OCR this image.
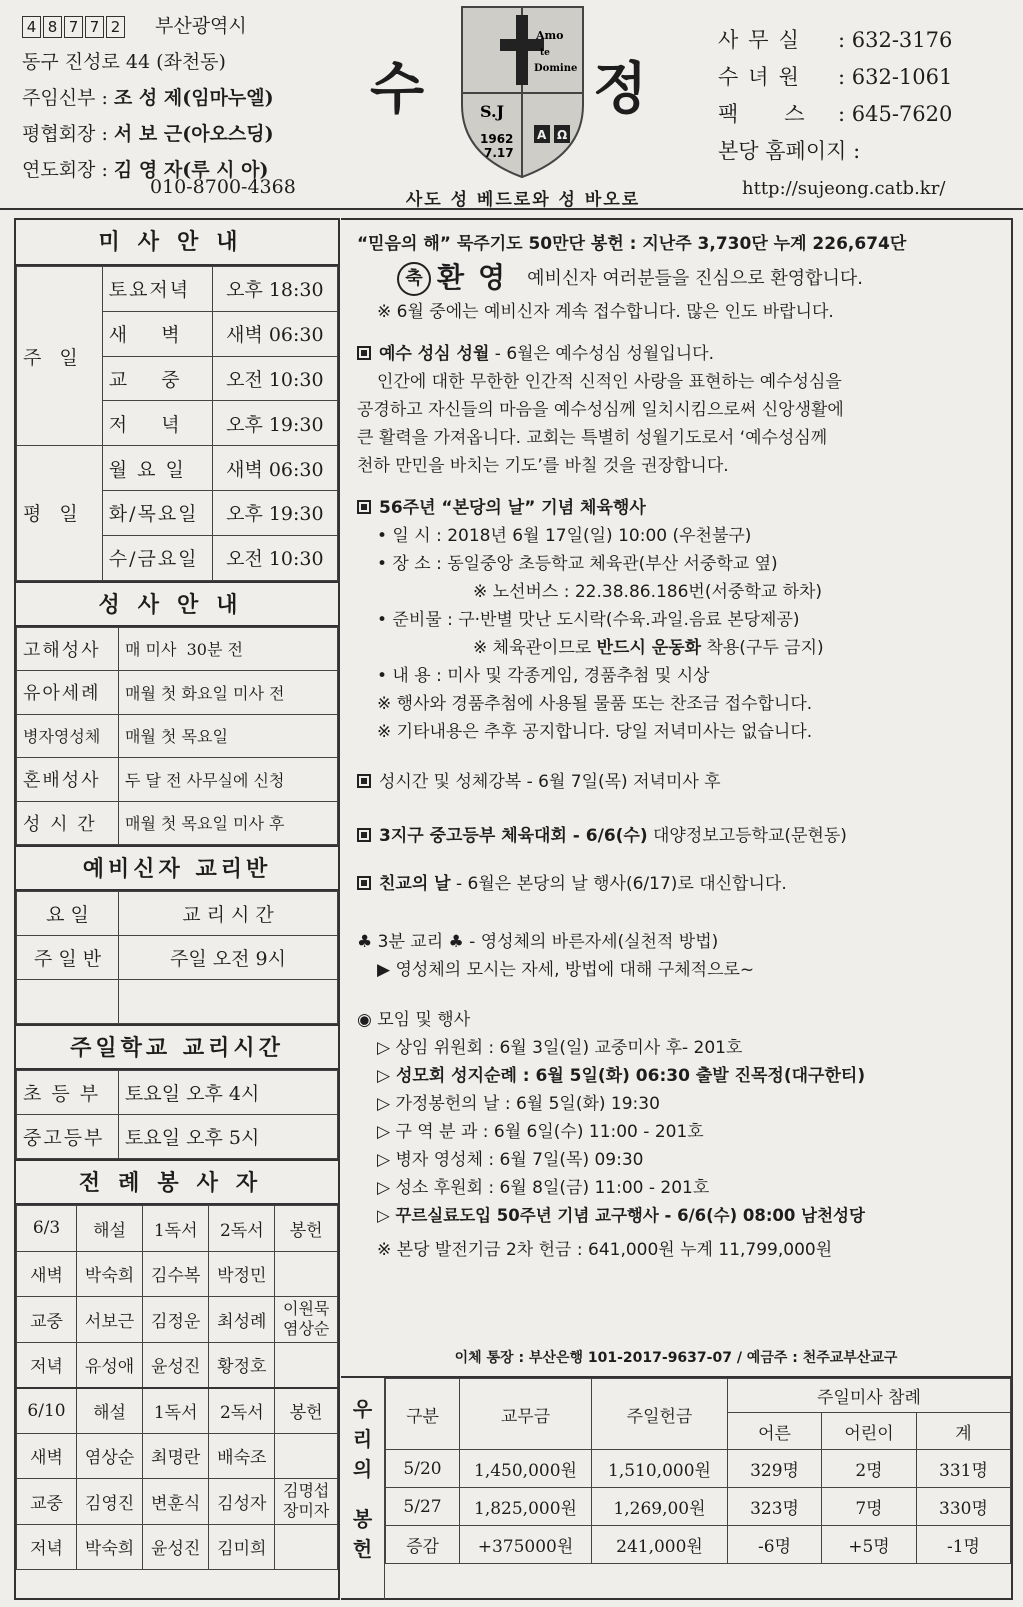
4 8 7 7 2 부산광역시
동구 진성로 44 (좌천동)
주임신부 : 조 성 제(임마누엘)
평협회장 : 서 보 근(아오스딩)
연도회장 : 김 영 자(루 시 아)
010-8700-4368
수
Amo
te
Domine
S.J
1962
7.17
A Ω
정
사도 성 베드로와 성 바오로
사무실 : 632-3176
수녀원 : 632-1061
팩스: 645-7620
본당 홈페이지 :
http://sujeong.catb.kr/
미사안내
주일	토요저녁	오후 18:30
	새    벽	새벽 06:30
	교    중	오전 10:30
	저    녁	오후 19:30
평일	월 요 일	새벽 06:30
	화/목요일	오후 19:30
	수/금요일	오전 10:30
성사안내
고해성사	매 미사  30분 전
유아세례	매월 첫 화요일 미사 전
병자영성체	매월 첫 목요일
혼배성사	두 달 전 사무실에 신청
성 시 간	매월 첫 목요일 미사 후
예비신자 교리반
요 일	교 리 시 간
주 일 반	주일 오전 9시

주일학교 교리시간
초 등 부	토요일 오후 4시
중고등부	토요일 오후 5시
전례봉사자
6/3	해설	1독서	2독서	봉헌
새벽	박숙희	김수복	박정민	
교중	서보근	김정운	최성례	이원묵
염상순
저녁	유성애	윤성진	황정호	
6/10	해설	1독서	2독서	봉헌
새벽	염상순	최명란	배숙조	
교중	김영진	변훈식	김성자	김명섭
장미자
저녁	박숙희	윤성진	김미희	

“믿음의 해” 묵주기도 50만단 봉헌 : 지난주 3,730단 누계 226,674단

축 환영 예비신자 여러분들을 진심으로 환영합니다.

※ 6월 중에는 예비신자 계속 접수합니다. 많은 인도 바랍니다.

예수 성심 성월 - 6월은 예수성심 성월입니다.

인간에 대한 무한한 인간적 신적인 사랑을 표현하는 예수성심을

공경하고 자신들의 마음을 예수성심께 일치시킴으로써 신앙생활에

큰 활력을 가져옵니다. 교회는 특별히 성월기도로서 ‘예수성심께

천하 만민을 바치는 기도’를 바칠 것을 권장합니다.

56주년 “본당의 날” 기념 체육행사

• 일 시 : 2018년 6월 17일(일) 10:00 (우천불구)

• 장 소 : 동일중앙 초등학교 체육관(부산 서중학교 옆)

※ 노선버스 : 22.38.86.186번(서중학교 하차)

• 준비물 : 구·반별 맛난 도시락(수육.과일.음료 본당제공)

※ 체육관이므로 반드시 운동화 착용(구두 금지)

• 내 용 : 미사 및 각종게임, 경품추첨 및 시상

※ 행사와 경품추첨에 사용될 물품 또는 찬조금 접수합니다.

※ 기타내용은 추후 공지합니다. 당일 저녁미사는 없습니다.

성시간 및 성체강복 - 6월 7일(목) 저녁미사 후

3지구 중고등부 체육대회 - 6/6(수) 대양정보고등학교(문현동)

친교의 날 - 6월은 본당의 날 행사(6/17)로 대신합니다.

♣ 3분 교리 ♣ - 영성체의 바른자세(실천적 방법)

▶ 영성체의 모시는 자세, 방법에 대해 구체적으로~

◉ 모임 및 행사

▷ 상임 위원회 : 6월 3일(일) 교중미사 후- 201호

▷ 성모회 성지순례 : 6월 5일(화) 06:30 출발 진목정(대구한티)

▷ 가정봉헌의 날 : 6월 5일(화) 19:30

▷ 구 역 분 과 : 6월 6일(수) 11:00 - 201호

▷ 병자 영성체 : 6월 7일(목) 09:30

▷ 성소 후원회 : 6월 8일(금) 11:00 - 201호

▷ 꾸르실료도입 50주년 기념 교구행사 - 6/6(수) 08:00 남천성당

※ 본당 발전기금 2차 헌금 : 641,000원 누계 11,799,000원

이체 통장 : 부산은행 101-2017-9637-07 / 예금주 : 천주교부산교구
우
리
의
봉
헌
구분	교무금	주일헌금	주일미사 참례		
			어른	어린이	계
5/20	1,450,000원	1,510,000원	329명	2명	331명
5/27	1,825,000원	1,269,00원	323명	7명	330명
증감	+375000원	241,000원	-6명	+5명	-1명
